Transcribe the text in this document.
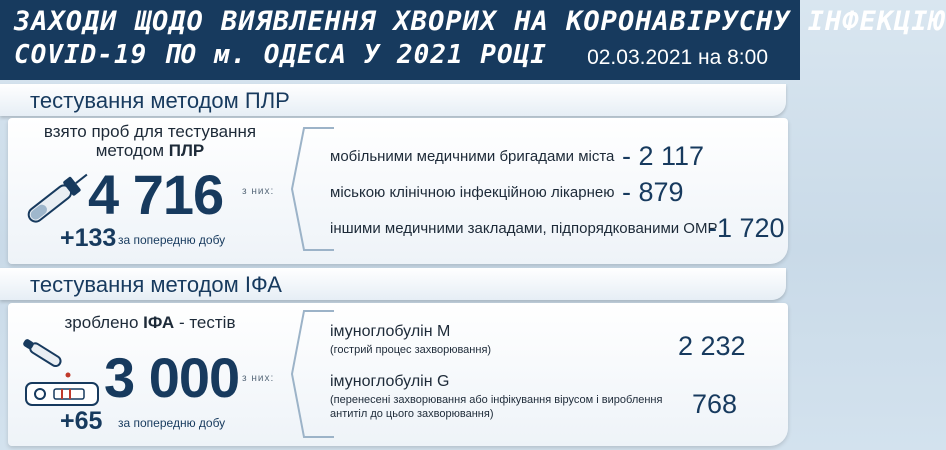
ЗАХОДИ ЩОДО ВИЯВЛЕННЯ ХВОРИХ НА КОРОНАВІРУСНУ ІНФЕКЦІЮ
COVID-19 ПО м. ОДЕСА У 2021 РОЦІ	02.03.2021 на 8:00
тестування методом ПЛР
взято проб для тестування
методом ПЛР
4 716
+133 за попередню добу
з них:
мобільними медичними бригадами міста - 2 117
міською клінічною інфекційною лікарнею - 879
іншими медичними закладами, підпорядкованими ОМР
-1 720
тестування методом ІФА
зроблено ІФА - тестів
3 000
+65 за попередню добу
з них:
імуноглобулін М
(гострий процес захворювання)	2 232
імуноглобулін G
(перенесені захворювання або інфікування вірусом і вироблення антитіл до цього захворювання)	768
